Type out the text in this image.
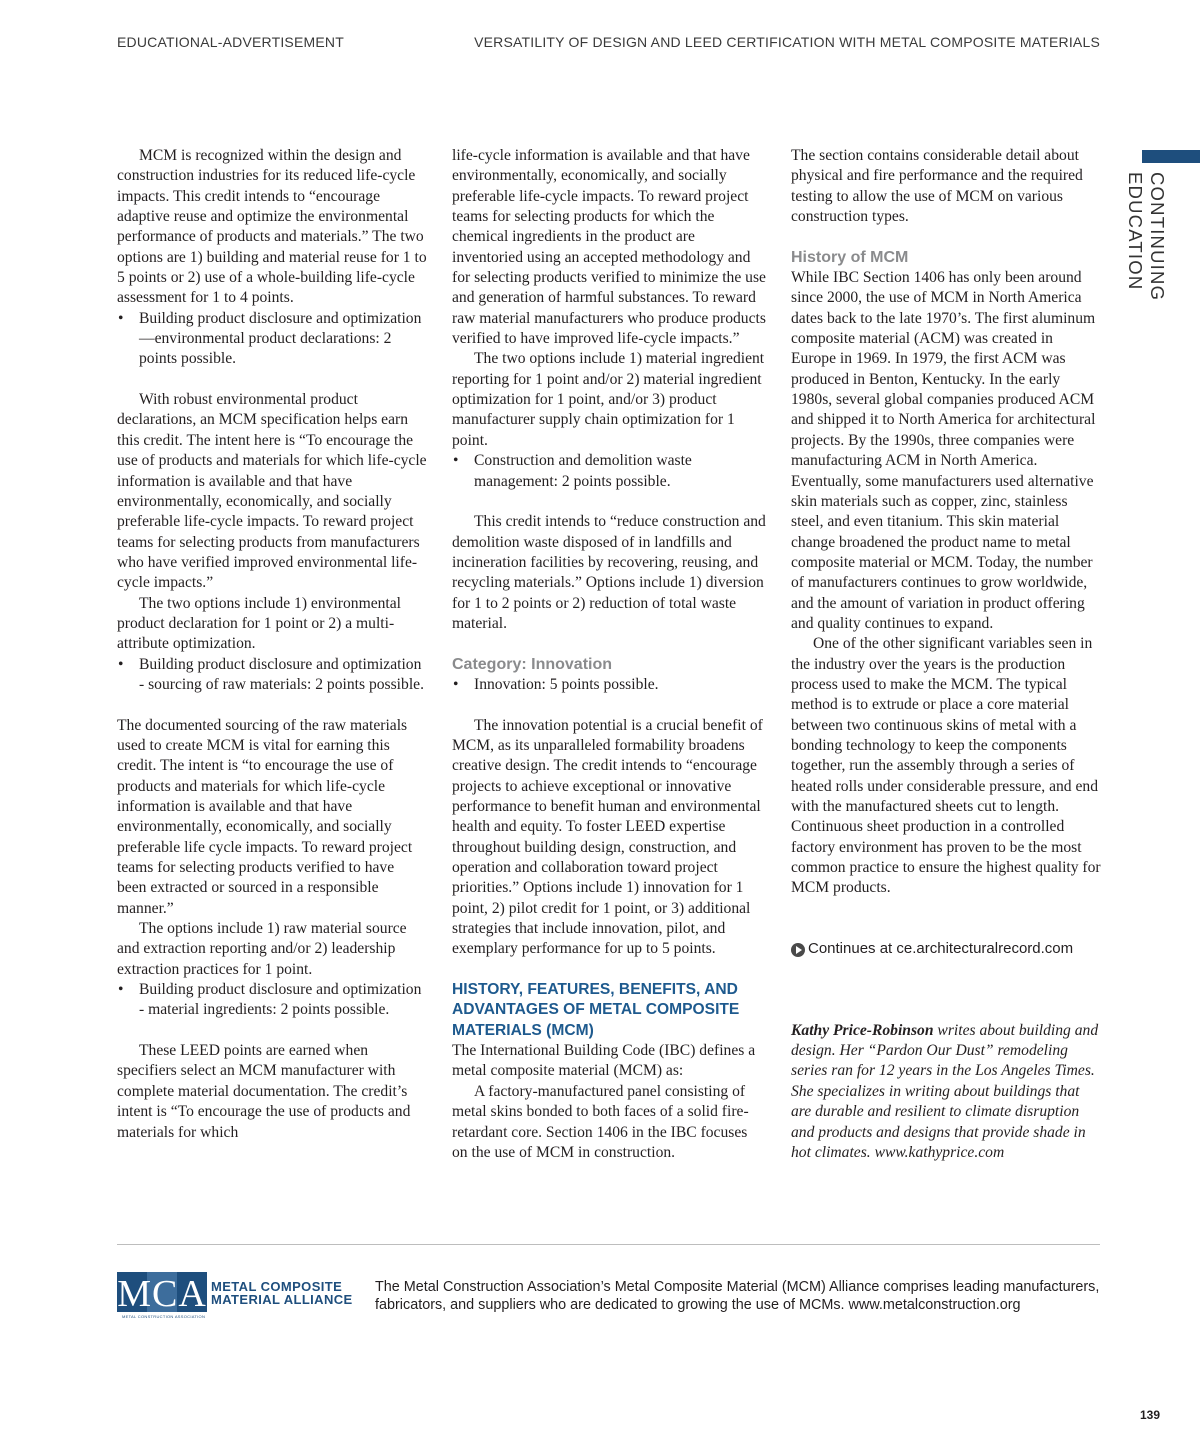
EDUCATIONAL-ADVERTISEMENT	VERSATILITY OF DESIGN AND LEED CERTIFICATION WITH METAL COMPOSITE MATERIALS
CONTINUING EDUCATION

MCM is recognized within the design and construction industries for its reduced life-cycle impacts. This credit intends to “encourage adaptive reuse and optimize the environmental performance of products and materials.” The two options are 1) building and material reuse for 1 to 5 points or 2) use of a whole-building life-cycle assessment for 1 to 4 points.

• Building product disclosure and optimization—environmental product declarations: 2 points possible.

With robust environmental product declarations, an MCM specification helps earn this credit. The intent here is “To encourage the use of products and materials for which life-cycle information is available and that have environmentally, economically, and socially preferable life-cycle impacts. To reward project teams for selecting products from manufacturers who have verified improved environmental life-cycle impacts.”

The two options include 1) environmental product declaration for 1 point or 2) a multi-attribute optimization.

• Building product disclosure and optimization - sourcing of raw materials: 2 points possible.

The documented sourcing of the raw materials used to create MCM is vital for earning this credit. The intent is “to encourage the use of products and materials for which life-cycle information is available and that have environmentally, economically, and socially preferable life cycle impacts. To reward project teams for selecting products verified to have been extracted or sourced in a responsible manner.”

The options include 1) raw material source and extraction reporting and/or 2) leadership extraction practices for 1 point.

• Building product disclosure and optimization - material ingredients: 2 points possible.

These LEED points are earned when specifiers select an MCM manufacturer with complete material documentation. The credit’s intent is “To encourage the use of products and materials for which

life-cycle information is available and that have environmentally, economically, and socially preferable life-cycle impacts. To reward project teams for selecting products for which the chemical ingredients in the product are inventoried using an accepted methodology and for selecting products verified to minimize the use and generation of harmful substances. To reward raw material manufacturers who produce products verified to have improved life-cycle impacts.”

The two options include 1) material ingredient reporting for 1 point and/or 2) material ingredient optimization for 1 point, and/or 3) product manufacturer supply chain optimization for 1 point.

• Construction and demolition waste management: 2 points possible.

This credit intends to “reduce construction and demolition waste disposed of in landfills and incineration facilities by recovering, reusing, and recycling materials.” Options include 1) diversion for 1 to 2 points or 2) reduction of total waste material.

Category: Innovation
• Innovation: 5 points possible.

The innovation potential is a crucial benefit of MCM, as its unparalleled formability broadens creative design. The credit intends to “encourage projects to achieve exceptional or innovative performance to benefit human and environmental health and equity. To foster LEED expertise throughout building design, construction, and operation and collaboration toward project priorities.” Options include 1) innovation for 1 point, 2) pilot credit for 1 point, or 3) additional strategies that include innovation, pilot, and exemplary performance for up to 5 points.

HISTORY, FEATURES, BENEFITS, AND ADVANTAGES OF METAL COMPOSITE MATERIALS (MCM)

The International Building Code (IBC) defines a metal composite material (MCM) as:

A factory-manufactured panel consisting of metal skins bonded to both faces of a solid fire-retardant core. Section 1406 in the IBC focuses on the use of MCM in construction.

The section contains considerable detail about physical and fire performance and the required testing to allow the use of MCM on various construction types.

History of MCM

While IBC Section 1406 has only been around since 2000, the use of MCM in North America dates back to the late 1970’s. The first aluminum composite material (ACM) was created in Europe in 1969. In 1979, the first ACM was produced in Benton, Kentucky. In the early 1980s, several global companies produced ACM and shipped it to North America for architectural projects. By the 1990s, three companies were manufacturing ACM in North America. Eventually, some manufacturers used alternative skin materials such as copper, zinc, stainless steel, and even titanium. This skin material change broadened the product name to metal composite material or MCM. Today, the number of manufacturers continues to grow worldwide, and the amount of variation in product offering and quality continues to expand.

One of the other significant variables seen in the industry over the years is the production process used to make the MCM. The typical method is to extrude or place a core material between two continuous skins of metal with a bonding technology to keep the components together, run the assembly through a series of heated rolls under considerable pressure, and end with the manufactured sheets cut to length. Continuous sheet production in a controlled factory environment has proven to be the most common practice to ensure the highest quality for MCM products.

Continues at ce.architecturalrecord.com

Kathy Price-Robinson writes about building and design. Her “Pardon Our Dust” remodeling series ran for 12 years in the Los Angeles Times. She specializes in writing about buildings that are durable and resilient to climate disruption and products and designs that provide shade in hot climates. www.kathyprice.com

MCA
METAL CONSTRUCTION ASSOCIATION
METAL COMPOSITE
MATERIAL ALLIANCE
The Metal Construction Association’s Metal Composite Material (MCM) Alliance comprises leading manufacturers, fabricators, and suppliers who are dedicated to growing the use of MCMs. www.metalconstruction.org
139
